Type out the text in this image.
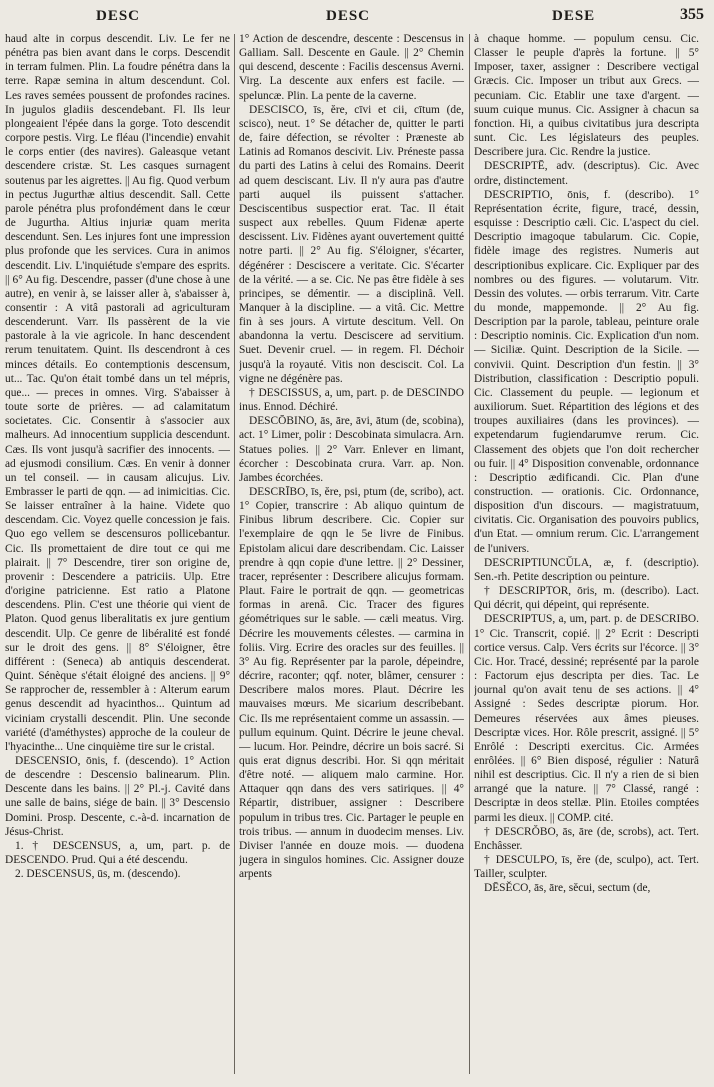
DESC	DESC	DESE	355

haud alte in corpus descendit. Liv. Le fer ne pénétra pas bien avant dans le corps. Descendit in terram fulmen. Plin. La foudre pénétra dans la terre. Rapæ semina in altum descendunt. Col. Les raves semées poussent de profondes racines. In jugulos gladiis descendebant. Fl. Ils leur plongeaient l'épée dans la gorge. Toto descendit corpore pestis. Virg. Le fléau (l'incendie) envahit le corps entier (des navires). Galeasque vetant descendere cristæ. St. Les casques surnagent soutenus par les aigrettes. || Au fig. Quod verbum in pectus Jugurthæ altius descendit. Sall. Cette parole pénétra plus profondément dans le cœur de Jugurtha. Altius injuriæ quam merita descendunt. Sen. Les injures font une impression plus profonde que les services. Cura in animos descendit. Liv. L'inquiétude s'empare des esprits. || 6° Au fig. Descendre, passer (d'une chose à une autre), en venir à, se laisser aller à, s'abaisser à, consentir : A vitâ pastorali ad agriculturam descenderunt. Varr. Ils passèrent de la vie pastorale à la vie agricole. In hanc descendent rerum tenuitatem. Quint. Ils descendront à ces minces détails. Eo contemptionis descensum, ut... Tac. Qu'on était tombé dans un tel mépris, que... — preces in omnes. Virg. S'abaisser à toute sorte de prières. — ad calamitatum societates. Cic. Consentir à s'associer aux malheurs. Ad innocentium supplicia descendunt. Cæs. Ils vont jusqu'à sacrifier des innocents. — ad ejusmodi consilium. Cæs. En venir à donner un tel conseil. — in causam alicujus. Liv. Embrasser le parti de qqn. — ad inimicitias. Cic. Se laisser entraîner à la haine. Videte quo descendam. Cic. Voyez quelle concession je fais. Quo ego vellem se descensuros pollicebantur. Cic. Ils promettaient de dire tout ce qui me plairait. || 7° Descendre, tirer son origine de, provenir : Descendere a patriciis. Ulp. Etre d'origine patricienne. Est ratio a Platone descendens. Plin. C'est une théorie qui vient de Platon. Quod genus liberalitatis ex jure gentium descendit. Ulp. Ce genre de libéralité est fondé sur le droit des gens. || 8° S'éloigner, être différent : (Seneca) ab antiquis descenderat. Quint. Sénèque s'était éloigné des anciens. || 9° Se rapprocher de, ressembler à : Alterum earum genus descendit ad hyacinthos... Quintum ad viciniam crystalli descendit. Plin. Une seconde variété (d'améthystes) approche de la couleur de l'hyacinthe... Une cinquième tire sur le cristal.

DESCENSIO, ōnis, f. (descendo). 1° Action de descendre : Descensio balinearum. Plin. Descente dans les bains. || 2° Pl.-j. Cavité dans une salle de bains, siége de bain. || 3° Descensio Domini. Prosp. Descente, c.-à-d. incarnation de Jésus-Christ.

1. † DESCENSUS, a, um, part. p. de DESCENDO. Prud. Qui a été descendu.

2. DESCENSUS, ūs, m. (descendo).

1° Action de descendre, descente : Descensus in Galliam. Sall. Descente en Gaule. || 2° Chemin qui descend, descente : Facilis descensus Averni. Virg. La descente aux enfers est facile. — speluncæ. Plin. La pente de la caverne.

DESCISCO, īs, ĕre, cīvi et cii, cītum (de, scisco), neut. 1° Se détacher de, quitter le parti de, faire défection, se révolter : Præneste ab Latinis ad Romanos descivit. Liv. Préneste passa du parti des Latins à celui des Romains. Deerit ad quem desciscant. Liv. Il n'y aura pas d'autre parti auquel ils puissent s'attacher. Desciscentibus suspectior erat. Tac. Il était suspect aux rebelles. Quum Fidenæ aperte descissent. Liv. Fidènes ayant ouvertement quitté notre parti. || 2° Au fig. S'éloigner, s'écarter, dégénérer : Desciscere a veritate. Cic. S'écarter de la vérité. — a se. Cic. Ne pas être fidèle à ses principes, se démentir. — a disciplinâ. Vell. Manquer à la discipline. — a vitâ. Cic. Mettre fin à ses jours. A virtute descitum. Vell. On abandonna la vertu. Desciscere ad servitium. Suet. Devenir cruel. — in regem. Fl. Déchoir jusqu'à la royauté. Vitis non desciscit. Col. La vigne ne dégénère pas.

† DESCISSUS, a, um, part. p. de DESCINDO inus. Ennod. Déchiré.

DESCŌBINO, ās, āre, āvi, ātum (de, scobina), act. 1° Limer, polir : Descobinata simulacra. Arn. Statues polies. || 2° Varr. Enlever en limant, écorcher : Descobinata crura. Varr. ap. Non. Jambes écorchées.

DESCRĪBO, īs, ĕre, psi, ptum (de, scribo), act. 1° Copier, transcrire : Ab aliquo quintum de Finibus librum describere. Cic. Copier sur l'exemplaire de qqn le 5e livre de Finibus. Epistolam alicui dare describendam. Cic. Laisser prendre à qqn copie d'une lettre. || 2° Dessiner, tracer, représenter : Describere alicujus formam. Plaut. Faire le portrait de qqn. — geometricas formas in arenâ. Cic. Tracer des figures géométriques sur le sable. — cæli meatus. Virg. Décrire les mouvements célestes. — carmina in foliis. Virg. Ecrire des oracles sur des feuilles. || 3° Au fig. Représenter par la parole, dépeindre, décrire, raconter; qqf. noter, blâmer, censurer : Describere malos mores. Plaut. Décrire les mauvaises mœurs. Me sicarium describebant. Cic. Ils me représentaient comme un assassin. — pullum equinum. Quint. Décrire le jeune cheval. — lucum. Hor. Peindre, décrire un bois sacré. Si quis erat dignus describi. Hor. Si qqn méritait d'être noté. — aliquem malo carmine. Hor. Attaquer qqn dans des vers satiriques. || 4° Répartir, distribuer, assigner : Describere populum in tribus tres. Cic. Partager le peuple en trois tribus. — annum in duodecim menses. Liv. Diviser l'année en douze mois. — duodena jugera in singulos homines. Cic. Assigner douze arpents

à chaque homme. — populum censu. Cic. Classer le peuple d'après la fortune. || 5° Imposer, taxer, assigner : Describere vectigal Græcis. Cic. Imposer un tribut aux Grecs. — pecuniam. Cic. Etablir une taxe d'argent. — suum cuique munus. Cic. Assigner à chacun sa fonction. Hi, a quibus civitatibus jura descripta sunt. Cic. Les législateurs des peuples. Describere jura. Cic. Rendre la justice.

DESCRIPTĒ, adv. (descriptus). Cic. Avec ordre, distinctement.

DESCRIPTIO, ōnis, f. (describo). 1° Représentation écrite, figure, tracé, dessin, esquisse : Descriptio cæli. Cic. L'aspect du ciel. Descriptio imagoque tabularum. Cic. Copie, fidèle image des registres. Numeris aut descriptionibus explicare. Cic. Expliquer par des nombres ou des figures. — volutarum. Vitr. Dessin des volutes. — orbis terrarum. Vitr. Carte du monde, mappemonde. || 2° Au fig. Description par la parole, tableau, peinture orale : Descriptio nominis. Cic. Explication d'un nom. — Siciliæ. Quint. Description de la Sicile. — convivii. Quint. Description d'un festin. || 3° Distribution, classification : Descriptio populi. Cic. Classement du peuple. — legionum et auxiliorum. Suet. Répartition des légions et des troupes auxiliaires (dans les provinces). — expetendarum fugiendarumve rerum. Cic. Classement des objets que l'on doit rechercher ou fuir. || 4° Disposition convenable, ordonnance : Descriptio ædificandi. Cic. Plan d'une construction. — orationis. Cic. Ordonnance, disposition d'un discours. — magistratuum, civitatis. Cic. Organisation des pouvoirs publics, d'un Etat. — omnium rerum. Cic. L'arrangement de l'univers.

DESCRIPTIUNCŬLA, æ, f. (descriptio). Sen.-rh. Petite description ou peinture.

† DESCRIPTOR, ōris, m. (describo). Lact. Qui décrit, qui dépeint, qui représente.

DESCRIPTUS, a, um, part. p. de DESCRIBO. 1° Cic. Transcrit, copié. || 2° Ecrit : Descripti cortice versus. Calp. Vers écrits sur l'écorce. || 3° Cic. Hor. Tracé, dessiné; représenté par la parole : Factorum ejus descripta per dies. Tac. Le journal qu'on avait tenu de ses actions. || 4° Assigné : Sedes descriptæ piorum. Hor. Demeures réservées aux âmes pieuses. Descriptæ vices. Hor. Rôle prescrit, assigné. || 5° Enrôlé : Descripti exercitus. Cic. Armées enrôlées. || 6° Bien disposé, régulier : Naturâ nihil est descriptius. Cic. Il n'y a rien de si bien arrangé que la nature. || 7° Classé, rangé : Descriptæ in deos stellæ. Plin. Etoiles comptées parmi les dieux. || COMP. cité.

† DESCRŎBO, ās, āre (de, scrobs), act. Tert. Enchâsser.

† DESCULPO, īs, ĕre (de, sculpo), act. Tert. Tailler, sculpter.

DĒSĔCO, ās, āre, sĕcui, sectum (de,
